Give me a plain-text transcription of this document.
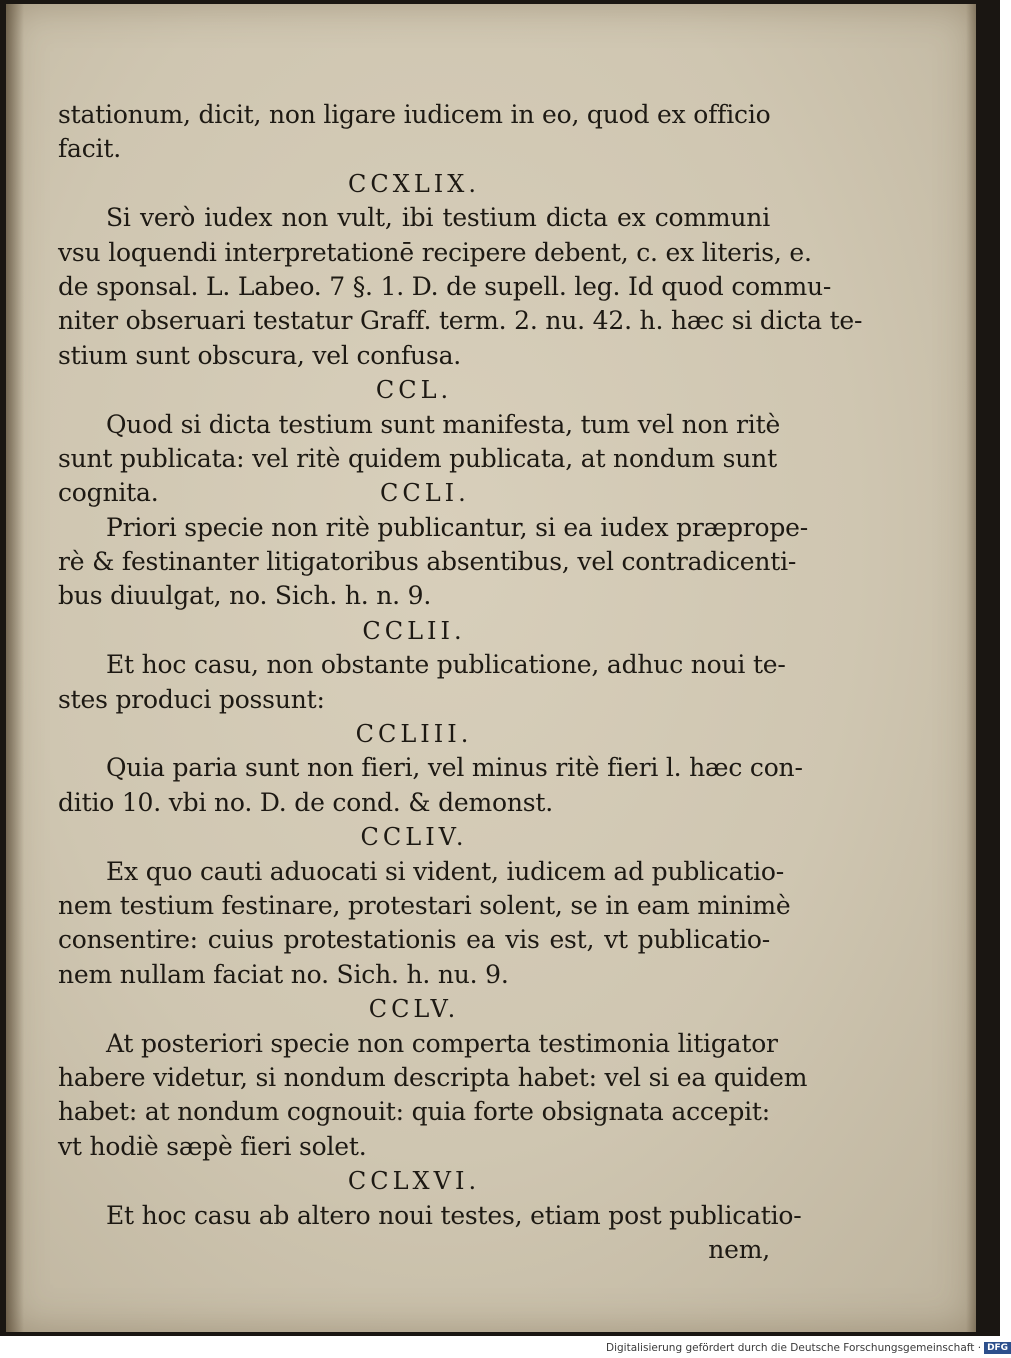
stationum, dicit, non ligare iudicem in eo, quod ex officio
facit.
CCXLIX.
Si verò iudex non vult, ibi testium dicta ex communi
vsu loquendi interpretationē recipere debent, c. ex literis, e.
de sponsal. L. Labeo. 7 §. 1. D. de supell. leg. Id quod commu-
niter obseruari testatur Graff. term. 2. nu. 42. h. hæc si dicta te-
stium sunt obscura, vel confusa.
CCL.
Quod si dicta testium sunt manifesta, tum vel non ritè
sunt publicata: vel ritè quidem publicata, at nondum sunt
cognita.	CCLI.
Priori specie non ritè publicantur, si ea iudex præprope-
rè & festinanter litigatoribus absentibus, vel contradicenti-
bus diuulgat, no. Sich. h. n. 9.
CCLII.
Et hoc casu, non obstante publicatione, adhuc noui te-
stes produci possunt:
CCLIII.
Quia paria sunt non fieri, vel minus ritè fieri l. hæc con-
ditio 10. vbi no. D. de cond. & demonst.
CCLIV.
Ex quo cauti aduocati si vident, iudicem ad publicatio-
nem testium festinare, protestari solent, se in eam minimè
consentire: cuius protestationis ea vis est, vt publicatio-
nem nullam faciat no. Sich. h. nu. 9.
CCLV.
At posteriori specie non comperta testimonia litigator
habere videtur, si nondum descripta habet: vel si ea quidem
habet: at nondum cognouit: quia forte obsignata accepit:
vt hodiè sæpè fieri solet.
CCLXVI.
Et hoc casu ab altero noui testes, etiam post publicatio-
nem,
Digitalisierung gefördert durch die Deutsche Forschungsgemeinschaft · DFG
